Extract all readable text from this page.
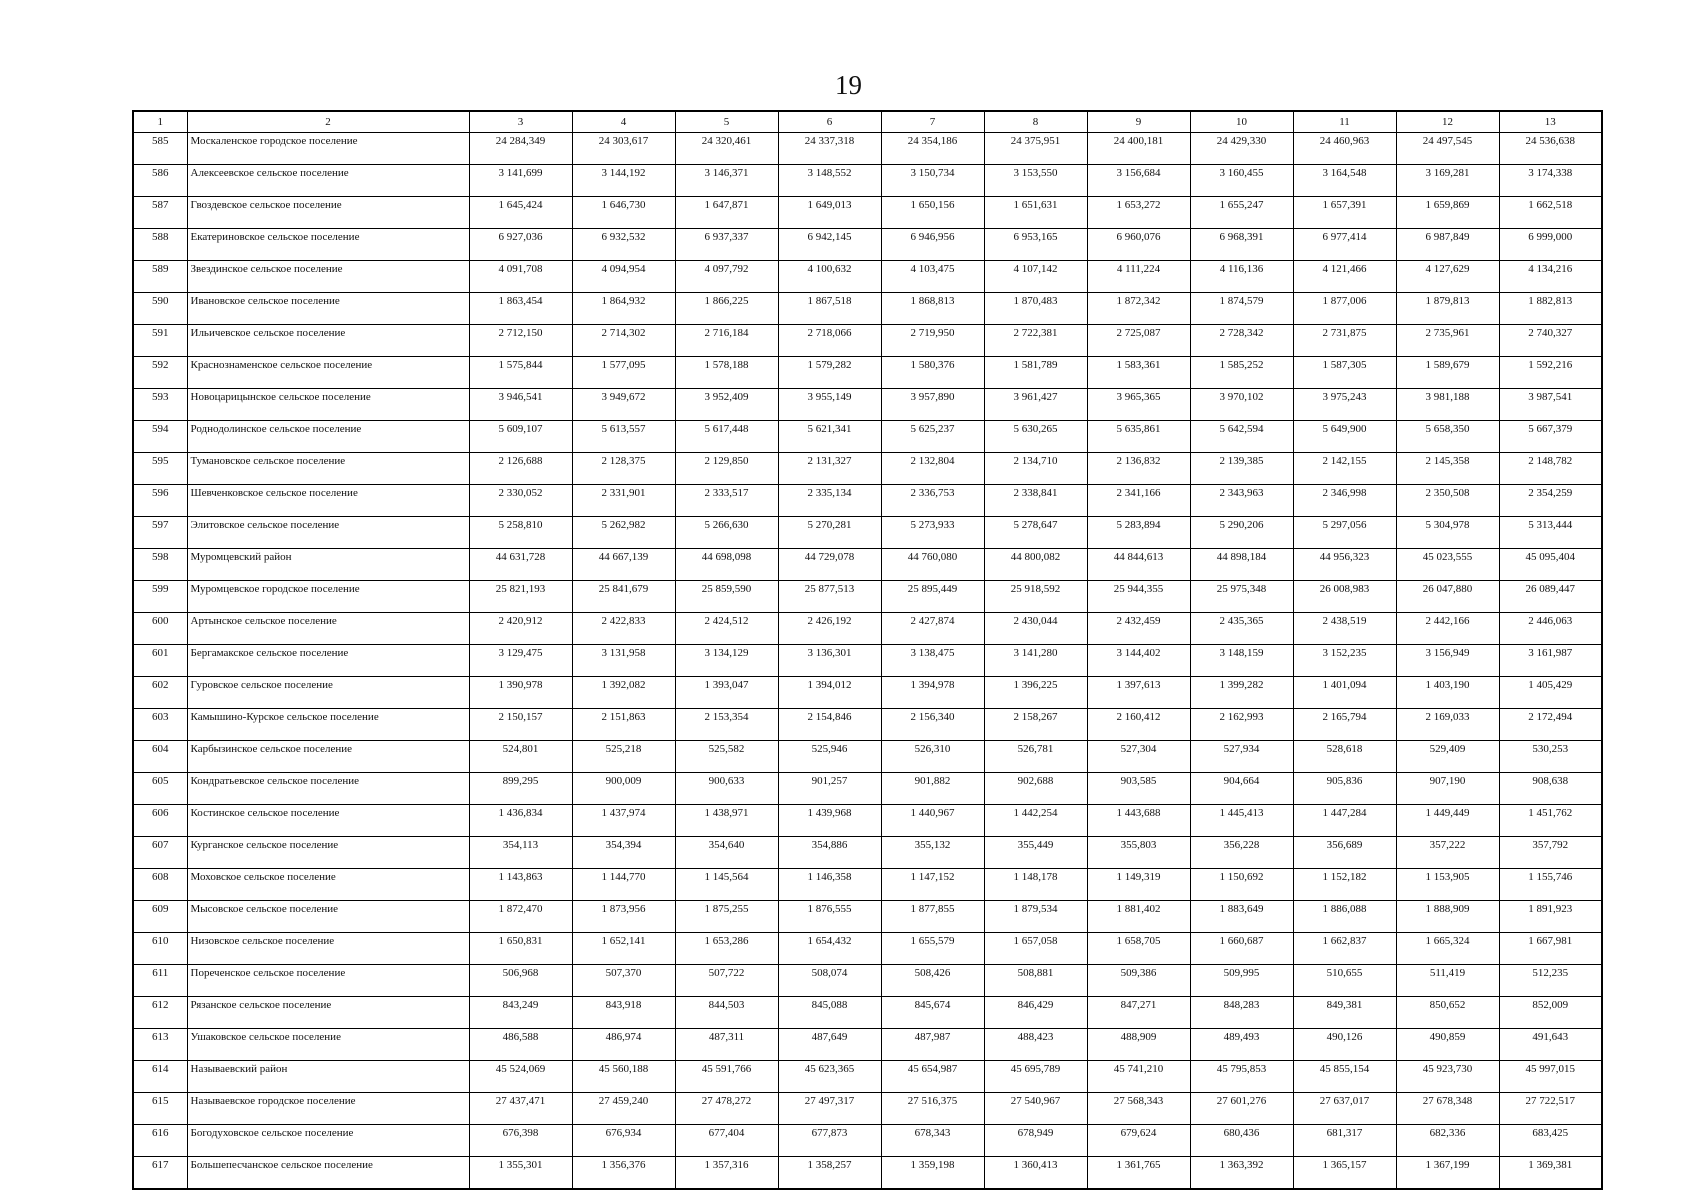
19
1	2	3	4	5	6	7	8	9	10	11	12	13
585	Москаленское городское поселение	24 284,349	24 303,617	24 320,461	24 337,318	24 354,186	24 375,951	24 400,181	24 429,330	24 460,963	24 497,545	24 536,638
586	Алексеевское сельское поселение	3 141,699	3 144,192	3 146,371	3 148,552	3 150,734	3 153,550	3 156,684	3 160,455	3 164,548	3 169,281	3 174,338
587	Гвоздевское сельское поселение	1 645,424	1 646,730	1 647,871	1 649,013	1 650,156	1 651,631	1 653,272	1 655,247	1 657,391	1 659,869	1 662,518
588	Екатериновское сельское поселение	6 927,036	6 932,532	6 937,337	6 942,145	6 946,956	6 953,165	6 960,076	6 968,391	6 977,414	6 987,849	6 999,000
589	Звездинское сельское поселение	4 091,708	4 094,954	4 097,792	4 100,632	4 103,475	4 107,142	4 111,224	4 116,136	4 121,466	4 127,629	4 134,216
590	Ивановское сельское поселение	1 863,454	1 864,932	1 866,225	1 867,518	1 868,813	1 870,483	1 872,342	1 874,579	1 877,006	1 879,813	1 882,813
591	Ильичевское сельское поселение	2 712,150	2 714,302	2 716,184	2 718,066	2 719,950	2 722,381	2 725,087	2 728,342	2 731,875	2 735,961	2 740,327
592	Краснознаменское сельское поселение	1 575,844	1 577,095	1 578,188	1 579,282	1 580,376	1 581,789	1 583,361	1 585,252	1 587,305	1 589,679	1 592,216
593	Новоцарицынское сельское поселение	3 946,541	3 949,672	3 952,409	3 955,149	3 957,890	3 961,427	3 965,365	3 970,102	3 975,243	3 981,188	3 987,541
594	Роднодолинское сельское поселение	5 609,107	5 613,557	5 617,448	5 621,341	5 625,237	5 630,265	5 635,861	5 642,594	5 649,900	5 658,350	5 667,379
595	Тумановское сельское поселение	2 126,688	2 128,375	2 129,850	2 131,327	2 132,804	2 134,710	2 136,832	2 139,385	2 142,155	2 145,358	2 148,782
596	Шевченковское сельское поселение	2 330,052	2 331,901	2 333,517	2 335,134	2 336,753	2 338,841	2 341,166	2 343,963	2 346,998	2 350,508	2 354,259
597	Элитовское сельское поселение	5 258,810	5 262,982	5 266,630	5 270,281	5 273,933	5 278,647	5 283,894	5 290,206	5 297,056	5 304,978	5 313,444
598	Муромцевский район	44 631,728	44 667,139	44 698,098	44 729,078	44 760,080	44 800,082	44 844,613	44 898,184	44 956,323	45 023,555	45 095,404
599	Муромцевское городское поселение	25 821,193	25 841,679	25 859,590	25 877,513	25 895,449	25 918,592	25 944,355	25 975,348	26 008,983	26 047,880	26 089,447
600	Артынское сельское поселение	2 420,912	2 422,833	2 424,512	2 426,192	2 427,874	2 430,044	2 432,459	2 435,365	2 438,519	2 442,166	2 446,063
601	Бергамакское сельское поселение	3 129,475	3 131,958	3 134,129	3 136,301	3 138,475	3 141,280	3 144,402	3 148,159	3 152,235	3 156,949	3 161,987
602	Гуровское сельское поселение	1 390,978	1 392,082	1 393,047	1 394,012	1 394,978	1 396,225	1 397,613	1 399,282	1 401,094	1 403,190	1 405,429
603	Камышино-Курское сельское поселение	2 150,157	2 151,863	2 153,354	2 154,846	2 156,340	2 158,267	2 160,412	2 162,993	2 165,794	2 169,033	2 172,494
604	Карбызинское сельское поселение	524,801	525,218	525,582	525,946	526,310	526,781	527,304	527,934	528,618	529,409	530,253
605	Кондратьевское сельское поселение	899,295	900,009	900,633	901,257	901,882	902,688	903,585	904,664	905,836	907,190	908,638
606	Костинское сельское поселение	1 436,834	1 437,974	1 438,971	1 439,968	1 440,967	1 442,254	1 443,688	1 445,413	1 447,284	1 449,449	1 451,762
607	Курганское сельское поселение	354,113	354,394	354,640	354,886	355,132	355,449	355,803	356,228	356,689	357,222	357,792
608	Моховское сельское поселение	1 143,863	1 144,770	1 145,564	1 146,358	1 147,152	1 148,178	1 149,319	1 150,692	1 152,182	1 153,905	1 155,746
609	Мысовское сельское поселение	1 872,470	1 873,956	1 875,255	1 876,555	1 877,855	1 879,534	1 881,402	1 883,649	1 886,088	1 888,909	1 891,923
610	Низовское сельское поселение	1 650,831	1 652,141	1 653,286	1 654,432	1 655,579	1 657,058	1 658,705	1 660,687	1 662,837	1 665,324	1 667,981
611	Пореченское сельское поселение	506,968	507,370	507,722	508,074	508,426	508,881	509,386	509,995	510,655	511,419	512,235
612	Рязанское сельское поселение	843,249	843,918	844,503	845,088	845,674	846,429	847,271	848,283	849,381	850,652	852,009
613	Ушаковское сельское поселение	486,588	486,974	487,311	487,649	487,987	488,423	488,909	489,493	490,126	490,859	491,643
614	Называевский район	45 524,069	45 560,188	45 591,766	45 623,365	45 654,987	45 695,789	45 741,210	45 795,853	45 855,154	45 923,730	45 997,015
615	Называевское городское поселение	27 437,471	27 459,240	27 478,272	27 497,317	27 516,375	27 540,967	27 568,343	27 601,276	27 637,017	27 678,348	27 722,517
616	Богодуховское сельское поселение	676,398	676,934	677,404	677,873	678,343	678,949	679,624	680,436	681,317	682,336	683,425
617	Большепесчанское сельское поселение	1 355,301	1 356,376	1 357,316	1 358,257	1 359,198	1 360,413	1 361,765	1 363,392	1 365,157	1 367,199	1 369,381
